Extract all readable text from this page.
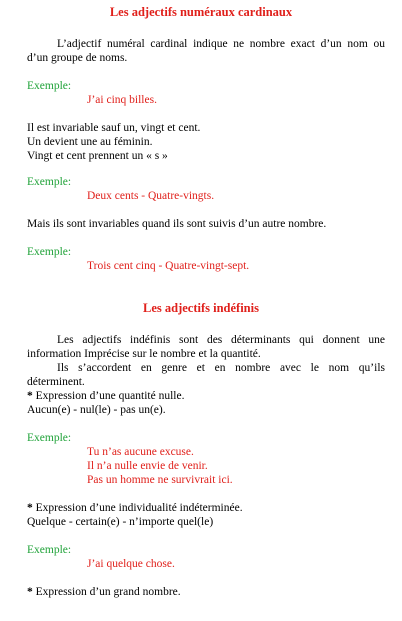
Les adjectifs numéraux cardinaux
L’adjectif numéral cardinal indique ne nombre exact d’un nom ou
d’un groupe de noms.
Exemple:
J’ai cinq billes.
Il est invariable sauf un, vingt et cent.
Un devient une au féminin.
Vingt et cent prennent un « s »
Exemple:
Deux cents - Quatre-vingts.
Mais ils sont invariables quand ils sont suivis d’un autre nombre.
Exemple:
Trois cent cinq - Quatre-vingt-sept.
Les adjectifs indéfinis
Les adjectifs indéfinis sont des déterminants qui donnent une
information Imprécise sur le nombre et la quantité.
Ils s’accordent en genre et en nombre avec le nom qu’ils
déterminent.
* Expression d’une quantité nulle.
Aucun(e) - nul(le) - pas un(e).
Exemple:
Tu n’as aucune excuse.
Il n’a nulle envie de venir.
Pas un homme ne survivrait ici.
* Expression d’une individualité indéterminée.
Quelque - certain(e) - n’importe quel(le)
Exemple:
J’ai quelque chose.
* Expression d’un grand nombre.
